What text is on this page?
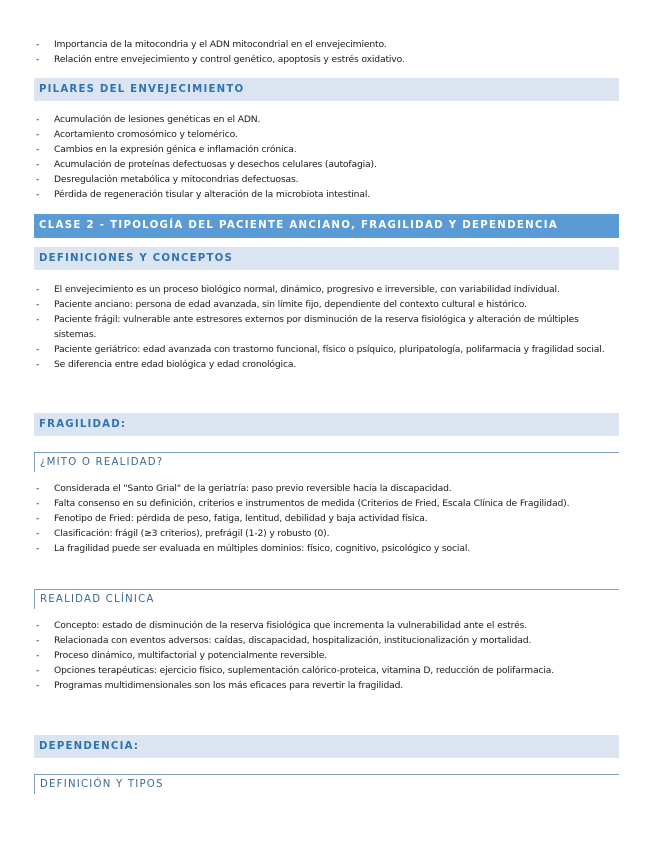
- Importancia de la mitocondria y el ADN mitocondrial en el envejecimiento.
- Relación entre envejecimiento y control genético, apoptosis y estrés oxidativo.
PILARES DEL ENVEJECIMIENTO
- Acumulación de lesiones genéticas en el ADN.
- Acortamiento cromosómico y telomérico.
- Cambios en la expresión génica e inflamación crónica.
- Acumulación de proteínas defectuosas y desechos celulares (autofagia).
- Desregulación metabólica y mitocondrias defectuosas.
- Pérdida de regeneración tisular y alteración de la microbiota intestinal.
CLASE 2 - TIPOLOGÍA DEL PACIENTE ANCIANO, FRAGILIDAD Y DEPENDENCIA
DEFINICIONES Y CONCEPTOS
- El envejecimiento es un proceso biológico normal, dinámico, progresivo e irreversible, con variabilidad individual.
- Paciente anciano: persona de edad avanzada, sin límite fijo, dependiente del contexto cultural e histórico.
- Paciente frágil: vulnerable ante estresores externos por disminución de la reserva fisiológica y alteración de múltiples sistemas.
- Paciente geriátrico: edad avanzada con trastorno funcional, físico o psíquico, pluripatología, polifarmacia y fragilidad social.
- Se diferencia entre edad biológica y edad cronológica.
FRAGILIDAD:
¿MITO O REALIDAD?
- Considerada el "Santo Grial" de la geriatría: paso previo reversible hacia la discapacidad.
- Falta consenso en su definición, criterios e instrumentos de medida (Criterios de Fried, Escala Clínica de Fragilidad).
- Fenotipo de Fried: pérdida de peso, fatiga, lentitud, debilidad y baja actividad física.
- Clasificación: frágil (≥3 criterios), prefrágil (1-2) y robusto (0).
- La fragilidad puede ser evaluada en múltiples dominios: físico, cognitivo, psicológico y social.
REALIDAD CLÍNICA
- Concepto: estado de disminución de la reserva fisiológica que incrementa la vulnerabilidad ante el estrés.
- Relacionada con eventos adversos: caídas, discapacidad, hospitalización, institucionalización y mortalidad.
- Proceso dinámico, multifactorial y potencialmente reversible.
- Opciones terapéuticas: ejercicio físico, suplementación calórico-proteica, vitamina D, reducción de polifarmacia.
- Programas multidimensionales son los más eficaces para revertir la fragilidad.
DEPENDENCIA:
DEFINICIÓN Y TIPOS
